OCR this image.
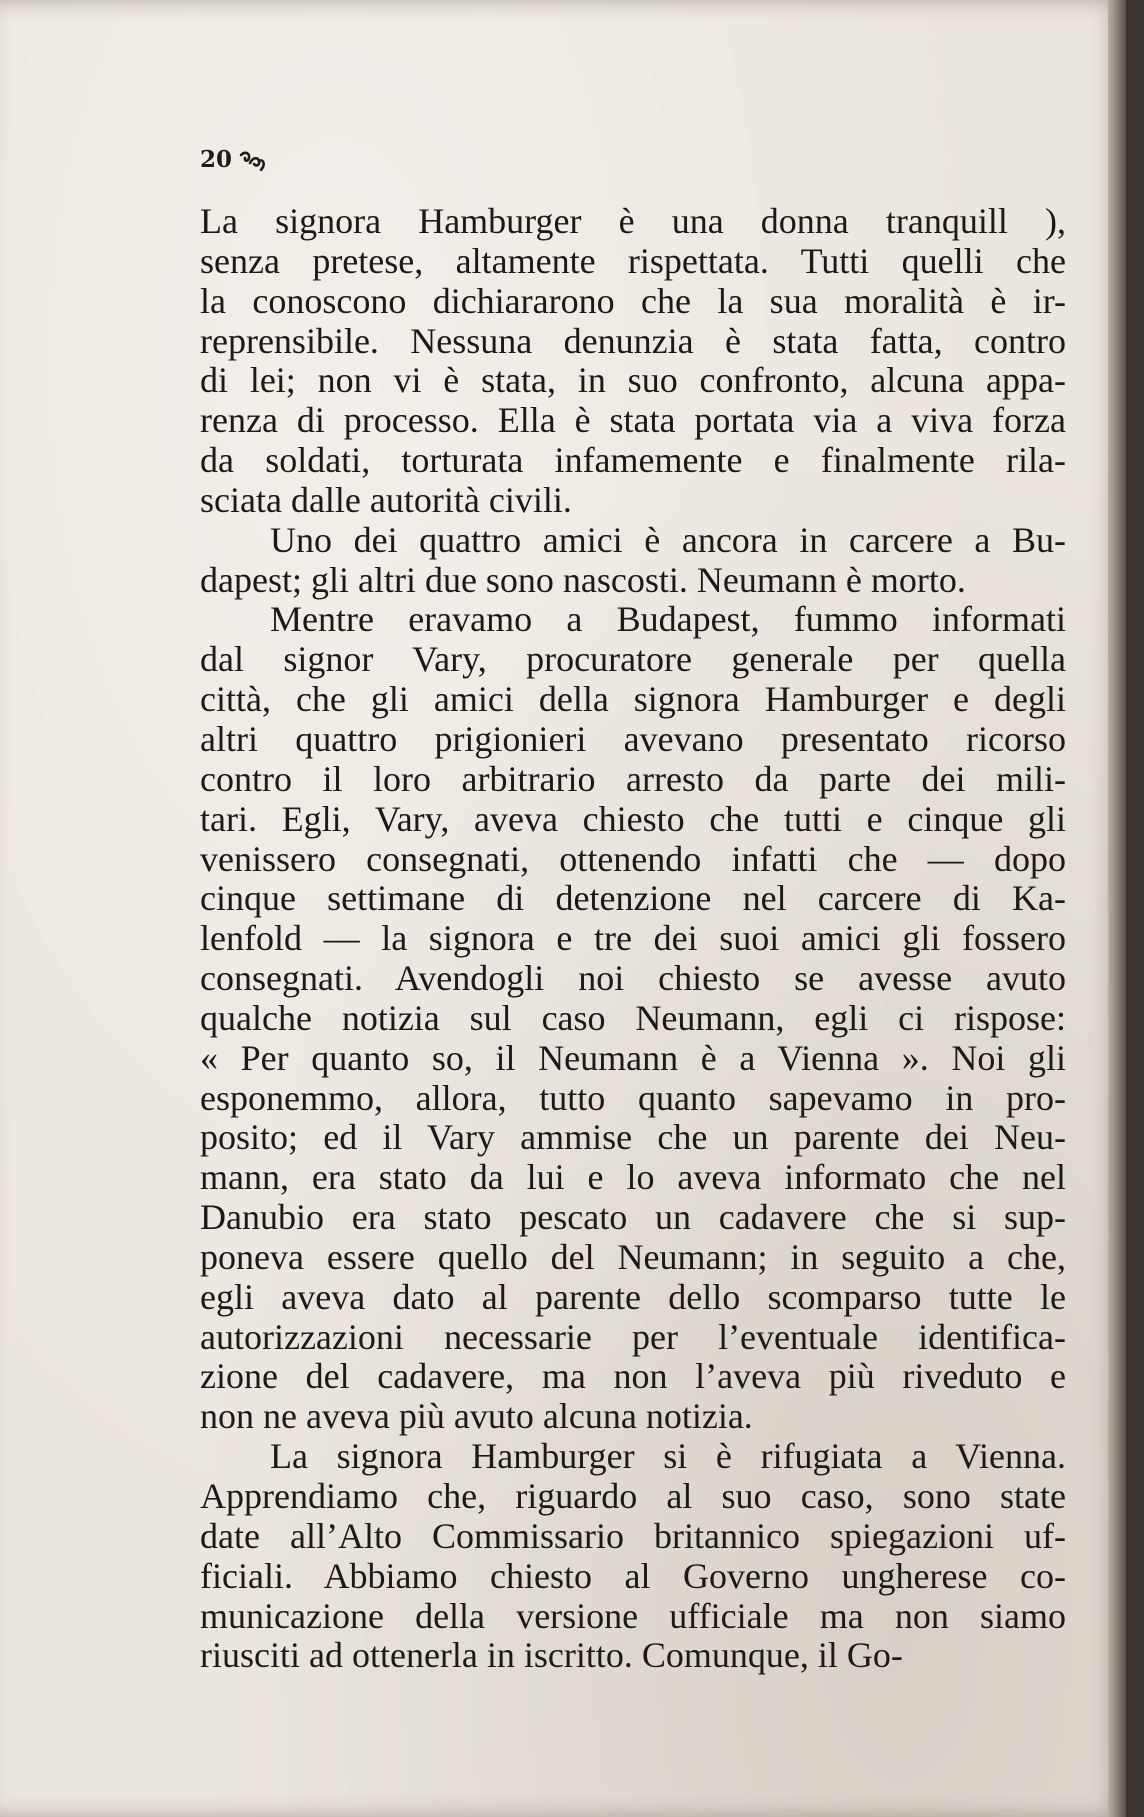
20
La signora Hamburger è una donna tranquill ),
senza pretese, altamente rispettata. Tutti quelli che
la conoscono dichiararono che la sua moralità è ir-
reprensibile. Nessuna denunzia è stata fatta, contro
di lei; non vi è stata, in suo confronto, alcuna appa-
renza di processo. Ella è stata portata via a viva forza
da soldati, torturata infamemente e finalmente rila-
sciata dalle autorità civili.
Uno dei quattro amici è ancora in carcere a Bu-
dapest; gli altri due sono nascosti. Neumann è morto.
Mentre eravamo a Budapest, fummo informati
dal signor Vary, procuratore generale per quella
città, che gli amici della signora Hamburger e degli
altri quattro prigionieri avevano presentato ricorso
contro il loro arbitrario arresto da parte dei mili-
tari. Egli, Vary, aveva chiesto che tutti e cinque gli
venissero consegnati, ottenendo infatti che — dopo
cinque settimane di detenzione nel carcere di Ka-
lenfold — la signora e tre dei suoi amici gli fossero
consegnati. Avendogli noi chiesto se avesse avuto
qualche notizia sul caso Neumann, egli ci rispose:
« Per quanto so, il Neumann è a Vienna ». Noi gli
esponemmo, allora, tutto quanto sapevamo in pro-
posito; ed il Vary ammise che un parente dei Neu-
mann, era stato da lui e lo aveva informato che nel
Danubio era stato pescato un cadavere che si sup-
poneva essere quello del Neumann; in seguito a che,
egli aveva dato al parente dello scomparso tutte le
autorizzazioni necessarie per l’eventuale identifica-
zione del cadavere, ma non l’aveva più riveduto e
non ne aveva più avuto alcuna notizia.
La signora Hamburger si è rifugiata a Vienna.
Apprendiamo che, riguardo al suo caso, sono state
date all’Alto Commissario britannico spiegazioni uf-
ficiali. Abbiamo chiesto al Governo ungherese co-
municazione della versione ufficiale ma non siamo
riusciti ad ottenerla in iscritto. Comunque, il Go-
